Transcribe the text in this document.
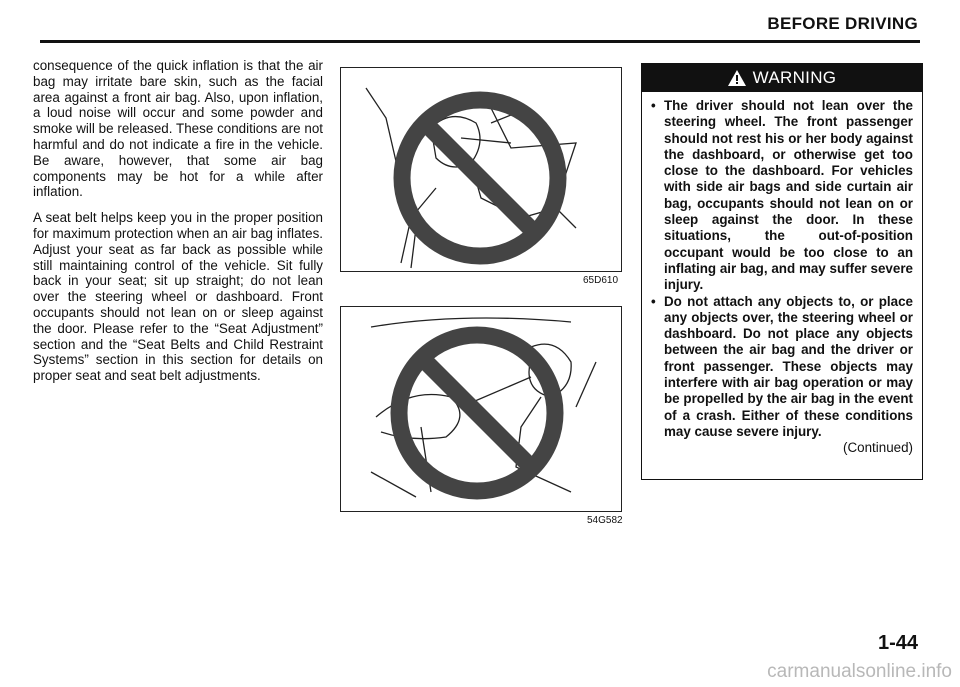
BEFORE DRIVING

consequence of the quick inflation is that the air bag may irritate bare skin, such as the facial area against a front air bag. Also, upon inflation, a loud noise will occur and some powder and smoke will be released. These conditions are not harmful and do not indicate a fire in the vehicle. Be aware, however, that some air bag components may be hot for a while after inflation.

A seat belt helps keep you in the proper position for maximum protection when an air bag inflates. Adjust your seat as far back as possible while still maintaining control of the vehicle. Sit fully back in your seat; sit up straight; do not lean over the steering wheel or dashboard. Front occupants should not lean on or sleep against the door. Please refer to the “Seat Adjustment” section and the “Seat Belts and Child Restraint Systems” section in this section for details on proper seat and seat belt adjustments.

65D610
54G582
WARNING

• The driver should not lean over the steering wheel. The front passenger should not rest his or her body against the dashboard, or otherwise get too close to the dashboard. For vehicles with side air bags and side curtain air bag, occupants should not lean on or sleep against the door. In these situations, the out-of-position occupant would be too close to an inflating air bag, and may suffer severe injury.

• Do not attach any objects to, or place any objects over, the steering wheel or dashboard. Do not place any objects between the air bag and the driver or front passenger. These objects may interfere with air bag operation or may be propelled by the air bag in the event of a crash. Either of these conditions may cause severe injury.

(Continued)

1-44
carmanualsonline.info
